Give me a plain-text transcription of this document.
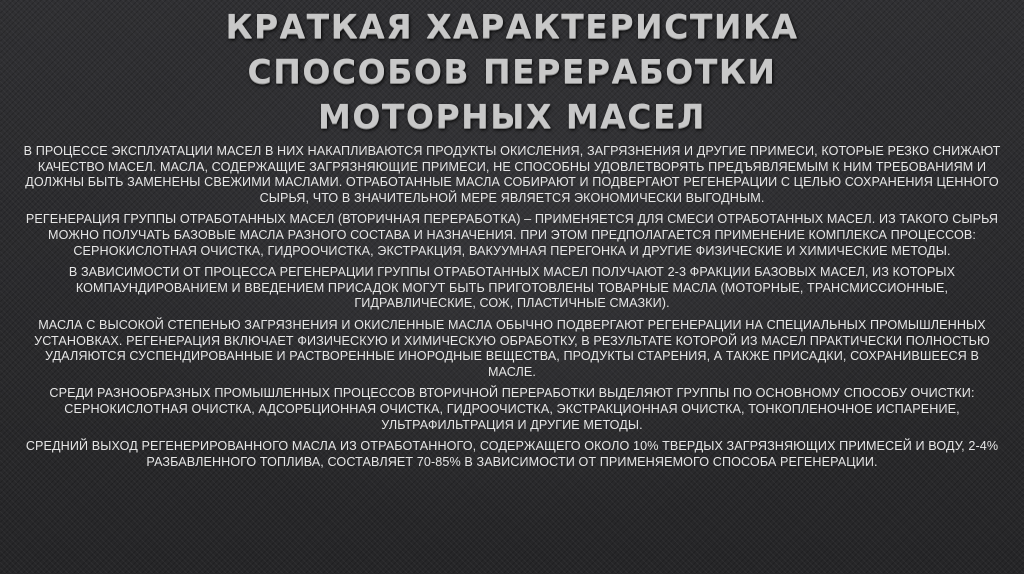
КРАТКАЯ ХАРАКТЕРИСТИКА
СПОСОБОВ ПЕРЕРАБОТКИ
МОТОРНЫХ МАСЕЛ

В ПРОЦЕССЕ ЭКСПЛУАТАЦИИ МАСЕЛ В НИХ НАКАПЛИВАЮТСЯ ПРОДУКТЫ ОКИСЛЕНИЯ, ЗАГРЯЗНЕНИЯ И ДРУГИЕ ПРИМЕСИ, КОТОРЫЕ РЕЗКО СНИЖАЮТ КАЧЕСТВО МАСЕЛ. МАСЛА, СОДЕРЖАЩИЕ ЗАГРЯЗНЯЮЩИЕ ПРИМЕСИ, НЕ СПОСОБНЫ УДОВЛЕТВОРЯТЬ ПРЕДЪЯВЛЯЕМЫМ К НИМ ТРЕБОВАНИЯМ И ДОЛЖНЫ БЫТЬ ЗАМЕНЕНЫ СВЕЖИМИ МАСЛАМИ. ОТРАБОТАННЫЕ МАСЛА СОБИРАЮТ И ПОДВЕРГАЮТ РЕГЕНЕРАЦИИ С ЦЕЛЬЮ СОХРАНЕНИЯ ЦЕННОГО СЫРЬЯ, ЧТО В ЗНАЧИТЕЛЬНОЙ МЕРЕ ЯВЛЯЕТСЯ ЭКОНОМИЧЕСКИ ВЫГОДНЫМ.

РЕГЕНЕРАЦИЯ ГРУППЫ ОТРАБОТАННЫХ МАСЕЛ (ВТОРИЧНАЯ ПЕРЕРАБОТКА) – ПРИМЕНЯЕТСЯ ДЛЯ СМЕСИ ОТРАБОТАННЫХ МАСЕЛ. ИЗ ТАКОГО СЫРЬЯ МОЖНО ПОЛУЧАТЬ БАЗОВЫЕ МАСЛА РАЗНОГО СОСТАВА И НАЗНАЧЕНИЯ. ПРИ ЭТОМ ПРЕДПОЛАГАЕТСЯ ПРИМЕНЕНИЕ КОМПЛЕКСА ПРОЦЕССОВ: СЕРНОКИСЛОТНАЯ ОЧИСТКА, ГИДРООЧИСТКА, ЭКСТРАКЦИЯ, ВАКУУМНАЯ ПЕРЕГОНКА И ДРУГИЕ ФИЗИЧЕСКИЕ И ХИМИЧЕСКИЕ МЕТОДЫ.

В ЗАВИСИМОСТИ ОТ ПРОЦЕССА РЕГЕНЕРАЦИИ ГРУППЫ ОТРАБОТАННЫХ МАСЕЛ ПОЛУЧАЮТ 2-3 ФРАКЦИИ БАЗОВЫХ МАСЕЛ, ИЗ КОТОРЫХ КОМПАУНДИРОВАНИЕМ И ВВЕДЕНИЕМ ПРИСАДОК МОГУТ БЫТЬ ПРИГОТОВЛЕНЫ ТОВАРНЫЕ МАСЛА (МОТОРНЫЕ, ТРАНСМИССИОННЫЕ, ГИДРАВЛИЧЕСКИЕ, СОЖ, ПЛАСТИЧНЫЕ СМАЗКИ).

МАСЛА С ВЫСОКОЙ СТЕПЕНЬЮ ЗАГРЯЗНЕНИЯ И ОКИСЛЕННЫЕ МАСЛА ОБЫЧНО ПОДВЕРГАЮТ РЕГЕНЕРАЦИИ НА СПЕЦИАЛЬНЫХ ПРОМЫШЛЕННЫХ УСТАНОВКАХ. РЕГЕНЕРАЦИЯ ВКЛЮЧАЕТ ФИЗИЧЕСКУЮ И ХИМИЧЕСКУЮ ОБРАБОТКУ, В РЕЗУЛЬТАТЕ КОТОРОЙ ИЗ МАСЕЛ ПРАКТИЧЕСКИ ПОЛНОСТЬЮ УДАЛЯЮТСЯ СУСПЕНДИРОВАННЫЕ И РАСТВОРЕННЫЕ ИНОРОДНЫЕ ВЕЩЕСТВА, ПРОДУКТЫ СТАРЕНИЯ, А ТАКЖЕ ПРИСАДКИ, СОХРАНИВШЕЕСЯ В МАСЛЕ.

СРЕДИ РАЗНООБРАЗНЫХ ПРОМЫШЛЕННЫХ ПРОЦЕССОВ ВТОРИЧНОЙ ПЕРЕРАБОТКИ ВЫДЕЛЯЮТ ГРУППЫ ПО ОСНОВНОМУ СПОСОБУ ОЧИСТКИ: СЕРНОКИСЛОТНАЯ ОЧИСТКА, АДСОРБЦИОННАЯ ОЧИСТКА, ГИДРООЧИСТКА, ЭКСТРАКЦИОННАЯ ОЧИСТКА, ТОНКОПЛЕНОЧНОЕ ИСПАРЕНИЕ, УЛЬТРАФИЛЬТРАЦИЯ И ДРУГИЕ МЕТОДЫ.

СРЕДНИЙ ВЫХОД РЕГЕНЕРИРОВАННОГО МАСЛА ИЗ ОТРАБОТАННОГО, СОДЕРЖАЩЕГО ОКОЛО 10% ТВЕРДЫХ ЗАГРЯЗНЯЮЩИХ ПРИМЕСЕЙ И ВОДУ, 2-4% РАЗБАВЛЕННОГО ТОПЛИВА, СОСТАВЛЯЕТ 70-85% В ЗАВИСИМОСТИ ОТ ПРИМЕНЯЕМОГО СПОСОБА РЕГЕНЕРАЦИИ.
